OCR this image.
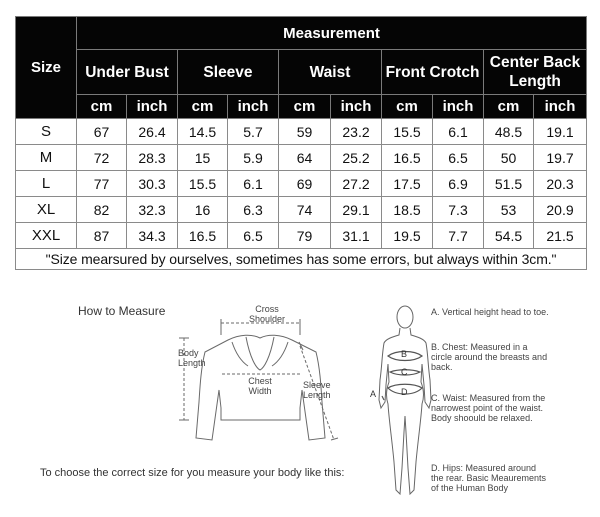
Size	Measurement									
	Under Bust		Sleeve		Waist		Front Crotch		Center Back Length	
	cm	inch	cm	inch	cm	inch	cm	inch	cm	inch
S	67	26.4	14.5	5.7	59	23.2	15.5	6.1	48.5	19.1
M	72	28.3	15	5.9	64	25.2	16.5	6.5	50	19.7
L	77	30.3	15.5	6.1	69	27.2	17.5	6.9	51.5	20.3
XL	82	32.3	16	6.3	74	29.1	18.5	7.3	53	20.9
XXL	87	34.3	16.5	6.5	79	31.1	19.5	7.7	54.5	21.5
"Size mearsured by ourselves, sometimes has some errors, but always within 3cm."										
How to Measure	Cross
Shoulder
Body
Length
Chest
Width
Sleeve
Length
To choose the correct size for you measure your body like this:
B
C
A	D
A. Vertical height head to toe.
B. Chest: Measured in a circle around the breasts and back.
C. Waist: Measured from the narrowest point of the waist. Body shoould be relaxed.
D. Hips: Measured around the rear. Basic Meaurements of the Human Body
